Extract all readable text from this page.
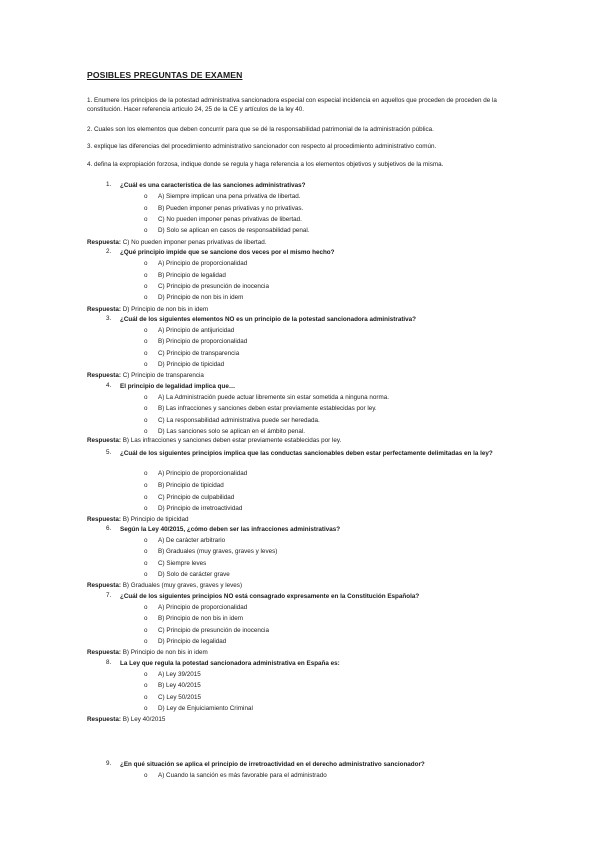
POSIBLES PREGUNTAS DE EXAMEN
1. Enumere los principios de la potestad administrativa sancionadora especial con especial incidencia en aquellos que proceden de proceden de la constitución. Hacer referencia artículo 24, 25 de la CE y artículos de la ley 40.
2. Cuales son los elementos que deben concurrir para que se dé la responsabilidad patrimonial de la administración pública.
3. explique las diferencias del procedimiento administrativo sancionador con respecto al procedimiento administrativo común.
4. defina la expropiación forzosa, indique donde se regula y haga referencia a los elementos objetivos y subjetivos de la misma.
1. ¿Cuál es una característica de las sanciones administrativas?
o A) Siempre implican una pena privativa de libertad.
o B) Pueden imponer penas privativas y no privativas.
o C) No pueden imponer penas privativas de libertad.
o D) Solo se aplican en casos de responsabilidad penal.
Respuesta: C) No pueden imponer penas privativas de libertad.
2. ¿Qué principio impide que se sancione dos veces por el mismo hecho?
o A) Principio de proporcionalidad
o B) Principio de legalidad
o C) Principio de presunción de inocencia
o D) Principio de non bis in idem
Respuesta: D) Principio de non bis in idem
3. ¿Cuál de los siguientes elementos NO es un principio de la potestad sancionadora administrativa?
o A) Principio de antijuricidad
o B) Principio de proporcionalidad
o C) Principio de transparencia
o D) Principio de tipicidad
Respuesta: C) Principio de transparencia
4. El principio de legalidad implica que…
o A) La Administración puede actuar libremente sin estar sometida a ninguna norma.
o B) Las infracciones y sanciones deben estar previamente establecidas por ley.
o C) La responsabilidad administrativa puede ser heredada.
o D) Las sanciones solo se aplican en el ámbito penal.
Respuesta: B) Las infracciones y sanciones deben estar previamente establecidas por ley.
5. ¿Cuál de los siguientes principios implica que las conductas sancionables deben estar perfectamente delimitadas en la ley?
o A) Principio de proporcionalidad
o B) Principio de tipicidad
o C) Principio de culpabilidad
o D) Principio de irretroactividad
Respuesta: B) Principio de tipicidad
6. Según la Ley 40/2015, ¿cómo deben ser las infracciones administrativas?
o A) De carácter arbitrario
o B) Graduales (muy graves, graves y leves)
o C) Siempre leves
o D) Solo de carácter grave
Respuesta: B) Graduales (muy graves, graves y leves)
7. ¿Cuál de los siguientes principios NO está consagrado expresamente en la Constitución Española?
o A) Principio de proporcionalidad
o B) Principio de non bis in idem
o C) Principio de presunción de inocencia
o D) Principio de legalidad
Respuesta: B) Principio de non bis in idem
8. La Ley que regula la potestad sancionadora administrativa en España es:
o A) Ley 39/2015
o B) Ley 40/2015
o C) Ley 50/2015
o D) Ley de Enjuiciamiento Criminal
Respuesta: B) Ley 40/2015
9. ¿En qué situación se aplica el principio de irretroactividad en el derecho administrativo sancionador?
o A) Cuando la sanción es más favorable para el administrado
